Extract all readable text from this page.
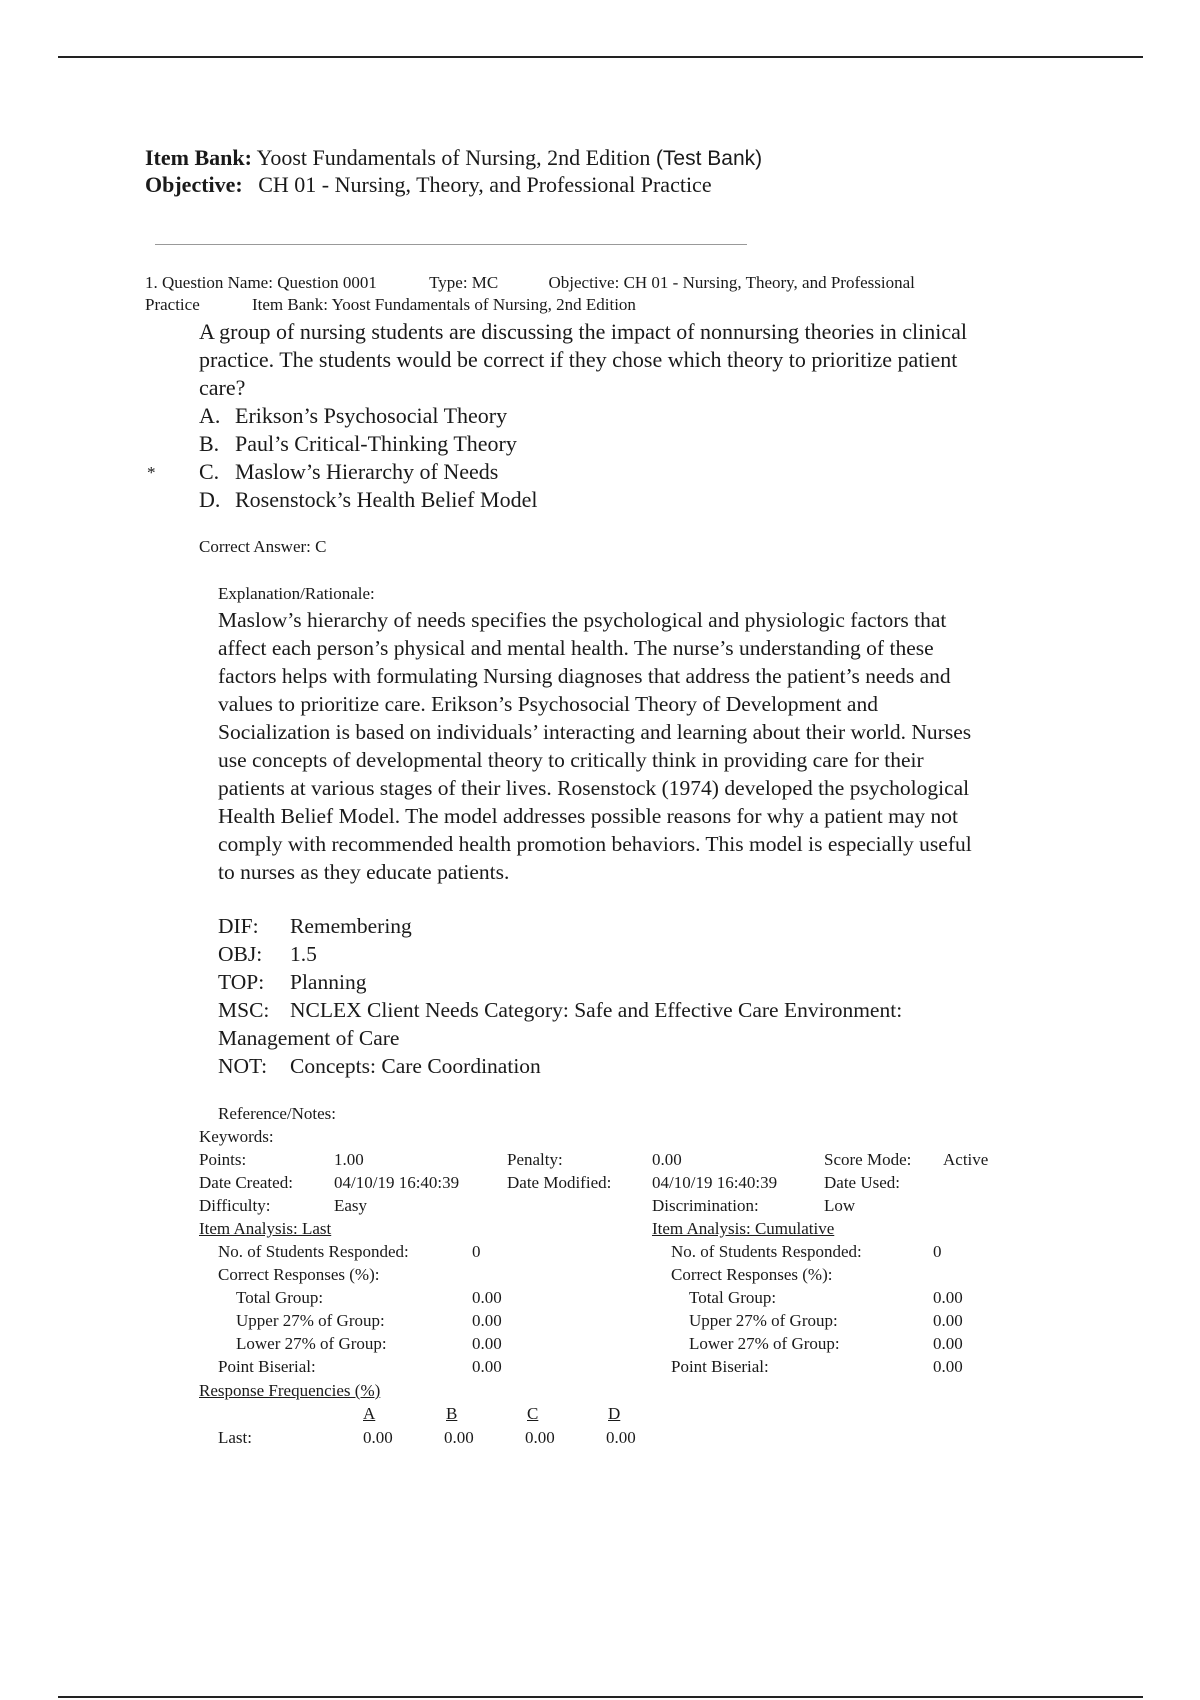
Item Bank: Yoost Fundamentals of Nursing, 2nd Edition (Test Bank)
Objective: CH 01 - Nursing, Theory, and Professional Practice
1. Question Name: Question 0001	Type: MC	Objective: CH 01 - Nursing, Theory, and Professional
Practice	Item Bank: Yoost Fundamentals of Nursing, 2nd Edition
A group of nursing students are discussing the impact of nonnursing theories in clinical
practice. The students would be correct if they chose which theory to prioritize patient
care?
A. Erikson’s Psychosocial Theory
B. Paul’s Critical-Thinking Theory
C. Maslow’s Hierarchy of Needs
D. Rosenstock’s Health Belief Model
*
Correct Answer: C
Explanation/Rationale:
Maslow’s hierarchy of needs specifies the psychological and physiologic factors that
affect each person’s physical and mental health. The nurse’s understanding of these
factors helps with formulating Nursing diagnoses that address the patient’s needs and
values to prioritize care. Erikson’s Psychosocial Theory of Development and
Socialization is based on individuals’ interacting and learning about their world. Nurses
use concepts of developmental theory to critically think in providing care for their
patients at various stages of their lives. Rosenstock (1974) developed the psychological
Health Belief Model. The model addresses possible reasons for why a patient may not
comply with recommended health promotion behaviors. This model is especially useful
to nurses as they educate patients.
DIF: Remembering
OBJ: 1.5
TOP: Planning
MSC: NCLEX Client Needs Category: Safe and Effective Care Environment:
Management of Care
NOT: Concepts: Care Coordination
Reference/Notes:
Keywords:
Points:	1.00	Penalty:	0.00	Score Mode: Active
Date Created: 04/10/19 16:40:39	Date Modified: 04/10/19 16:40:39	Date Used:
Difficulty:	Easy	Discrimination:	Low
Item Analysis: Last
No. of Students Responded:	0
Correct Responses (%):
Total Group:	0.00
Upper 27% of Group:	0.00
Lower 27% of Group:	0.00
Point Biserial:	0.00
Item Analysis: Cumulative
No. of Students Responded:	0
Correct Responses (%):
Total Group:	0.00
Upper 27% of Group:	0.00
Lower 27% of Group:	0.00
Point Biserial:	0.00
Response Frequencies (%)
A	B	C	D
Last:	0.00	0.00	0.00	0.00
